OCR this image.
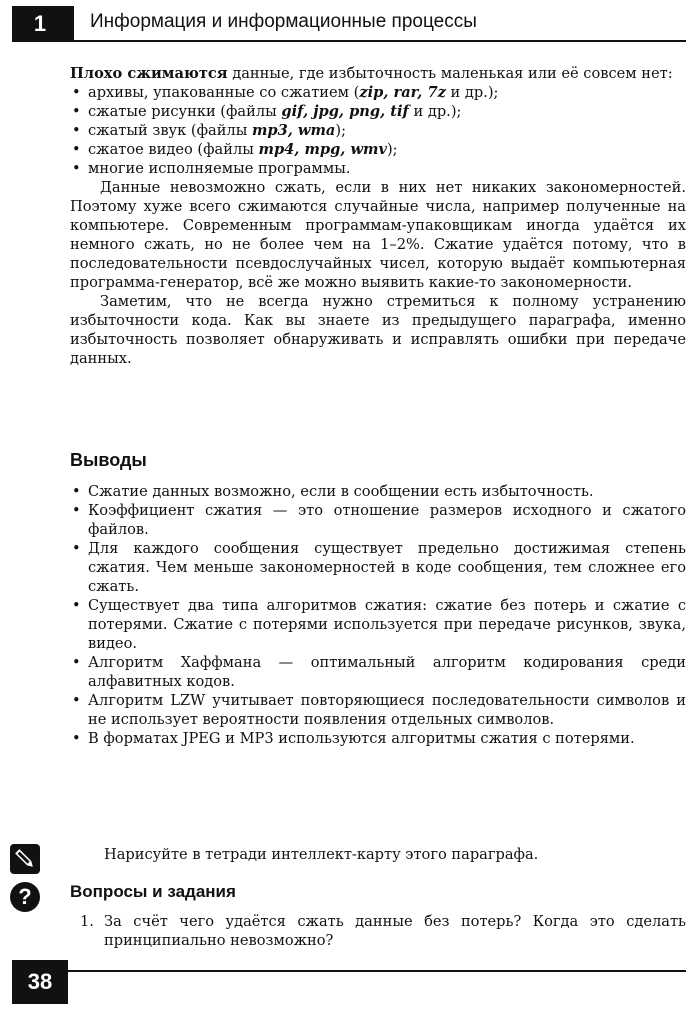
1	Информация и информационные процессы

Плохо сжимаются данные, где избыточность маленькая или её совсем нет:

• архивы, упакованные со сжатием (zip, rar, 7z и др.);
• сжатые рисунки (файлы gif, jpg, png, tif и др.);
• сжатый звук (файлы mp3, wma);
• сжатое видео (файлы mp4, mpg, wmv);
• многие исполняемые программы.

Данные невозможно сжать, если в них нет никаких закономерностей. Поэтому хуже всего сжимаются случайные числа, например полученные на компьютере. Современным программам-упаковщикам иногда удаётся их немного сжать, но не более чем на 1–2%. Сжатие удаётся потому, что в последовательности псевдослучайных чисел, которую выдаёт компьютерная программа-генератор, всё же можно выявить какие-то закономерности.

Заметим, что не всегда нужно стремиться к полному устранению избыточности кода. Как вы знаете из предыдущего параграфа, именно избыточность позволяет обнаруживать и исправлять ошибки при передаче данных.

Выводы
• Сжатие данных возможно, если в сообщении есть избыточность.
• Коэффициент сжатия — это отношение размеров исходного и сжатого файлов.
• Для каждого сообщения существует предельно достижимая степень сжатия. Чем меньше закономерностей в коде сообщения, тем сложнее его сжать.
• Существует два типа алгоритмов сжатия: сжатие без потерь и сжатие с потерями. Сжатие с потерями используется при передаче рисунков, звука, видео.
• Алгоритм Хаффмана — оптимальный алгоритм кодирования среди алфавитных кодов.
• Алгоритм LZW учитывает повторяющиеся последовательности символов и не использует вероятности появления отдельных символов.
• В форматах JPEG и MP3 используются алгоритмы сжатия с потерями.
Нарисуйте в тетради интеллект-карту этого параграфа.
?	Вопросы и задания
1. За счёт чего удаётся сжать данные без потерь? Когда это сделать принципиально невозможно?
38
